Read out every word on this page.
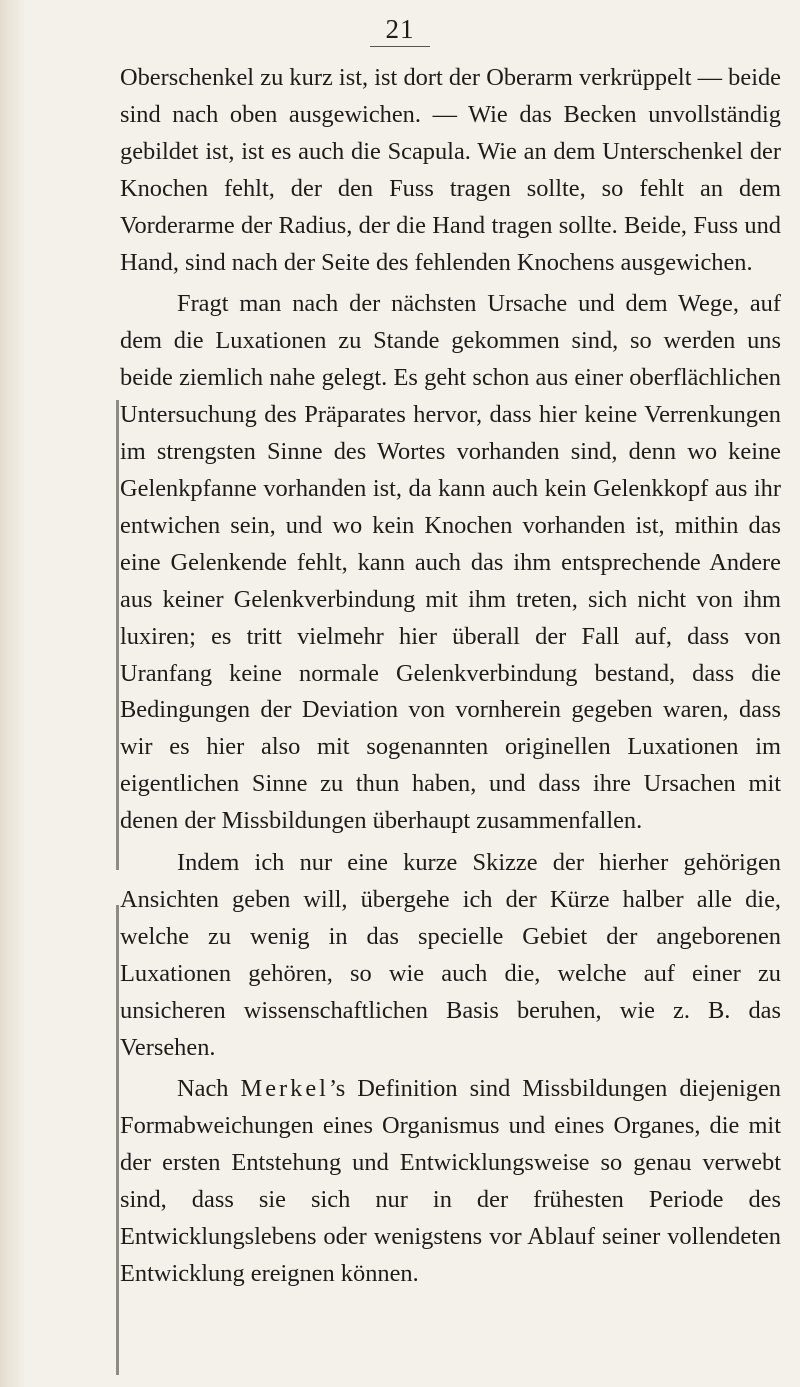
21

Oberschenkel zu kurz ist, ist dort der Oberarm verkrüppelt — beide sind nach oben ausgewichen. — Wie das Becken unvollständig gebildet ist, ist es auch die Scapula. Wie an dem Unterschenkel der Knochen fehlt, der den Fuss tragen sollte, so fehlt an dem Vorderarme der Radius, der die Hand tragen sollte. Beide, Fuss und Hand, sind nach der Seite des fehlenden Knochens ausgewichen.

Fragt man nach der nächsten Ursache und dem Wege, auf dem die Luxationen zu Stande gekommen sind, so werden uns beide ziemlich nahe gelegt. Es geht schon aus einer oberflächlichen Untersuchung des Präparates hervor, dass hier keine Verrenkungen im strengsten Sinne des Wortes vorhanden sind, denn wo keine Gelenkpfanne vorhanden ist, da kann auch kein Gelenkkopf aus ihr entwichen sein, und wo kein Knochen vorhanden ist, mithin das eine Gelenkende fehlt, kann auch das ihm entsprechende Andere aus keiner Gelenkverbindung mit ihm treten, sich nicht von ihm luxiren; es tritt vielmehr hier überall der Fall auf, dass von Uranfang keine normale Gelenkverbindung bestand, dass die Bedingungen der Deviation von vornherein gegeben waren, dass wir es hier also mit sogenannten originellen Luxationen im eigentlichen Sinne zu thun haben, und dass ihre Ursachen mit denen der Missbildungen überhaupt zusammenfallen.

Indem ich nur eine kurze Skizze der hierher gehörigen Ansichten geben will, übergehe ich der Kürze halber alle die, welche zu wenig in das specielle Gebiet der angeborenen Luxationen gehören, so wie auch die, welche auf einer zu unsicheren wissenschaftlichen Basis beruhen, wie z. B. das Versehen.

Nach Merkel’s Definition sind Missbildungen diejenigen Formabweichungen eines Organismus und eines Organes, die mit der ersten Entstehung und Entwicklungsweise so genau verwebt sind, dass sie sich nur in der frühesten Periode des Entwicklungslebens oder wenigstens vor Ablauf seiner vollendeten Entwicklung ereignen können.
